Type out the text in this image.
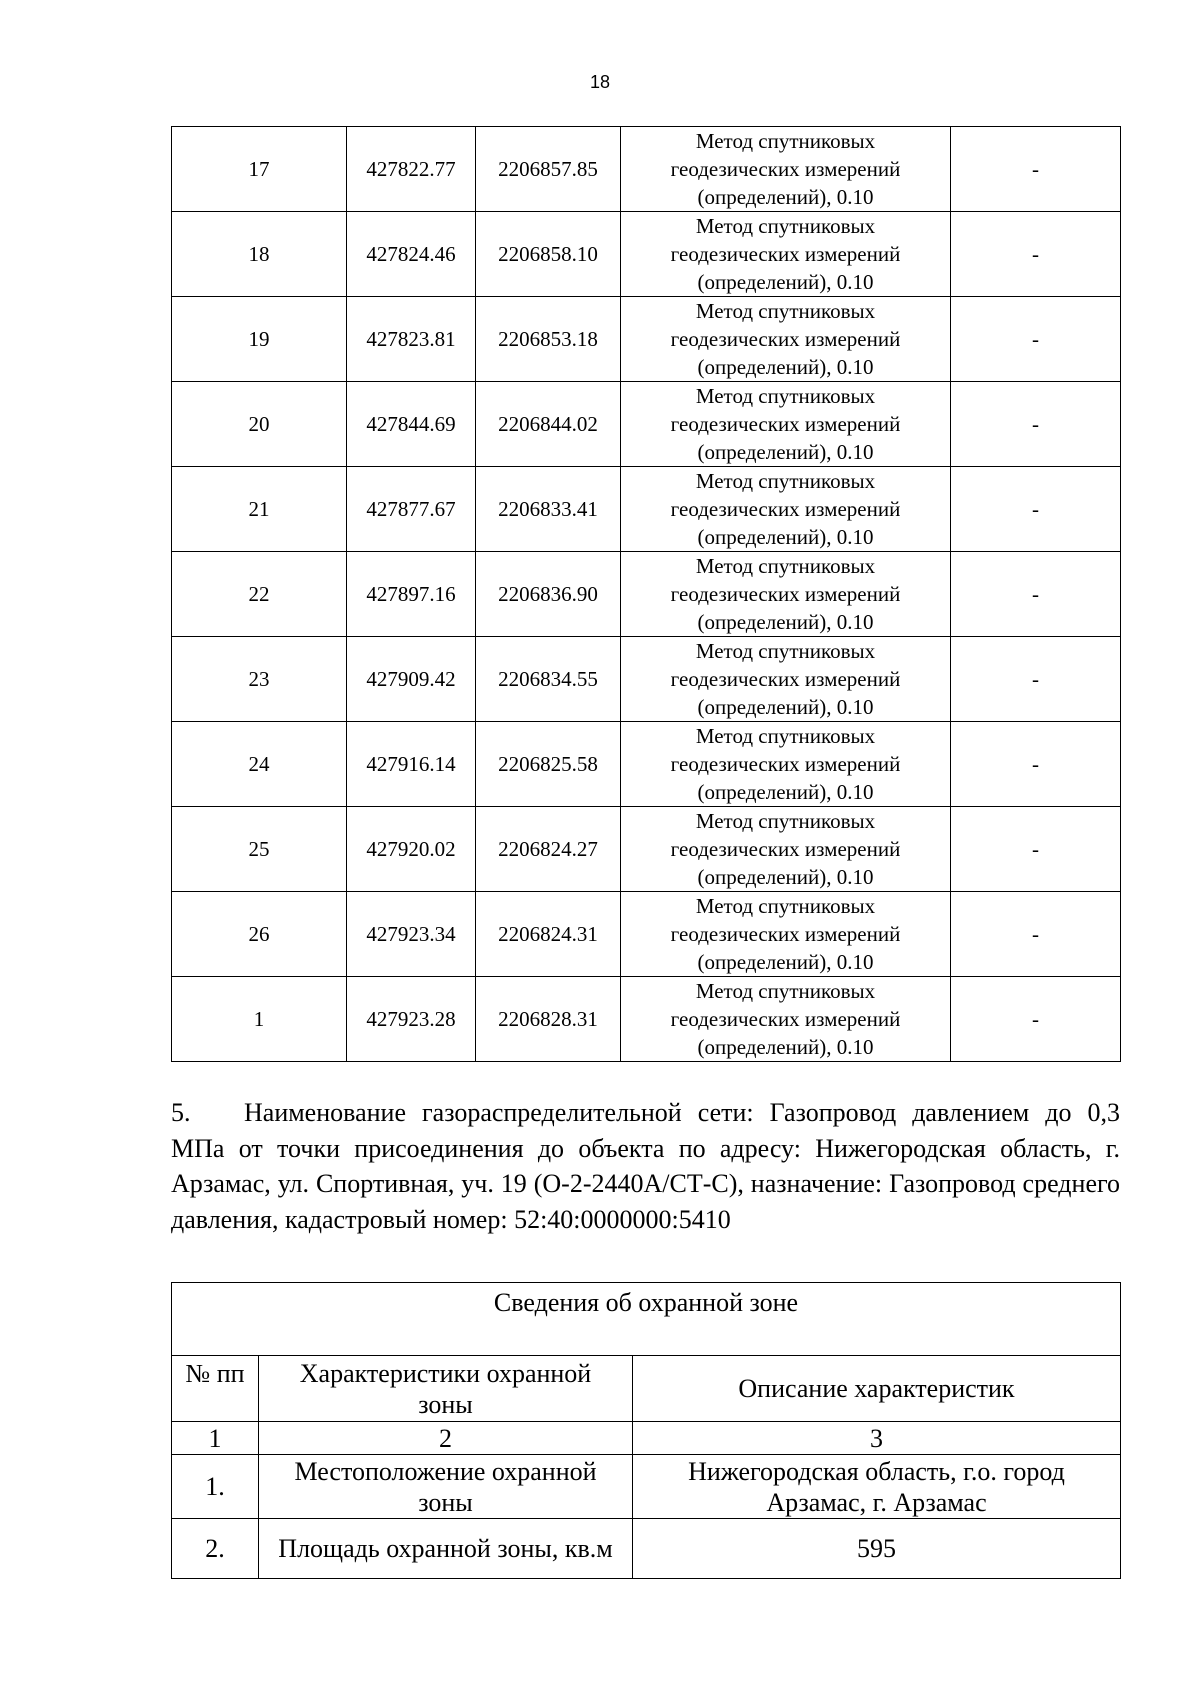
18
17	427822.77	2206857.85	Метод спутниковых
геодезических измерений
(определений), 0.10	-
18	427824.46	2206858.10	Метод спутниковых
геодезических измерений
(определений), 0.10	-
19	427823.81	2206853.18	Метод спутниковых
геодезических измерений
(определений), 0.10	-
20	427844.69	2206844.02	Метод спутниковых
геодезических измерений
(определений), 0.10	-
21	427877.67	2206833.41	Метод спутниковых
геодезических измерений
(определений), 0.10	-
22	427897.16	2206836.90	Метод спутниковых
геодезических измерений
(определений), 0.10	-
23	427909.42	2206834.55	Метод спутниковых
геодезических измерений
(определений), 0.10	-
24	427916.14	2206825.58	Метод спутниковых
геодезических измерений
(определений), 0.10	-
25	427920.02	2206824.27	Метод спутниковых
геодезических измерений
(определений), 0.10	-
26	427923.34	2206824.31	Метод спутниковых
геодезических измерений
(определений), 0.10	-
1	427923.28	2206828.31	Метод спутниковых
геодезических измерений
(определений), 0.10	-

5. Наименование газораспределительной сети: Газопровод давлением до 0,3 МПа от точки присоединения до объекта по адресу: Нижегородская область, г. Арзамас, ул. Спортивная, уч. 19 (О-2-2440А/СТ-С), назначение: Газопровод среднего давления, кадастровый номер: 52:40:0000000:5410

Сведения об охранной зоне		
№ пп	Характеристики охранной
зоны	Описание характеристик
1	2	3
1.	Местоположение охранной
зоны	Нижегородская область, г.о. город
Арзамас, г. Арзамас
2.	Площадь охранной зоны, кв.м	595
